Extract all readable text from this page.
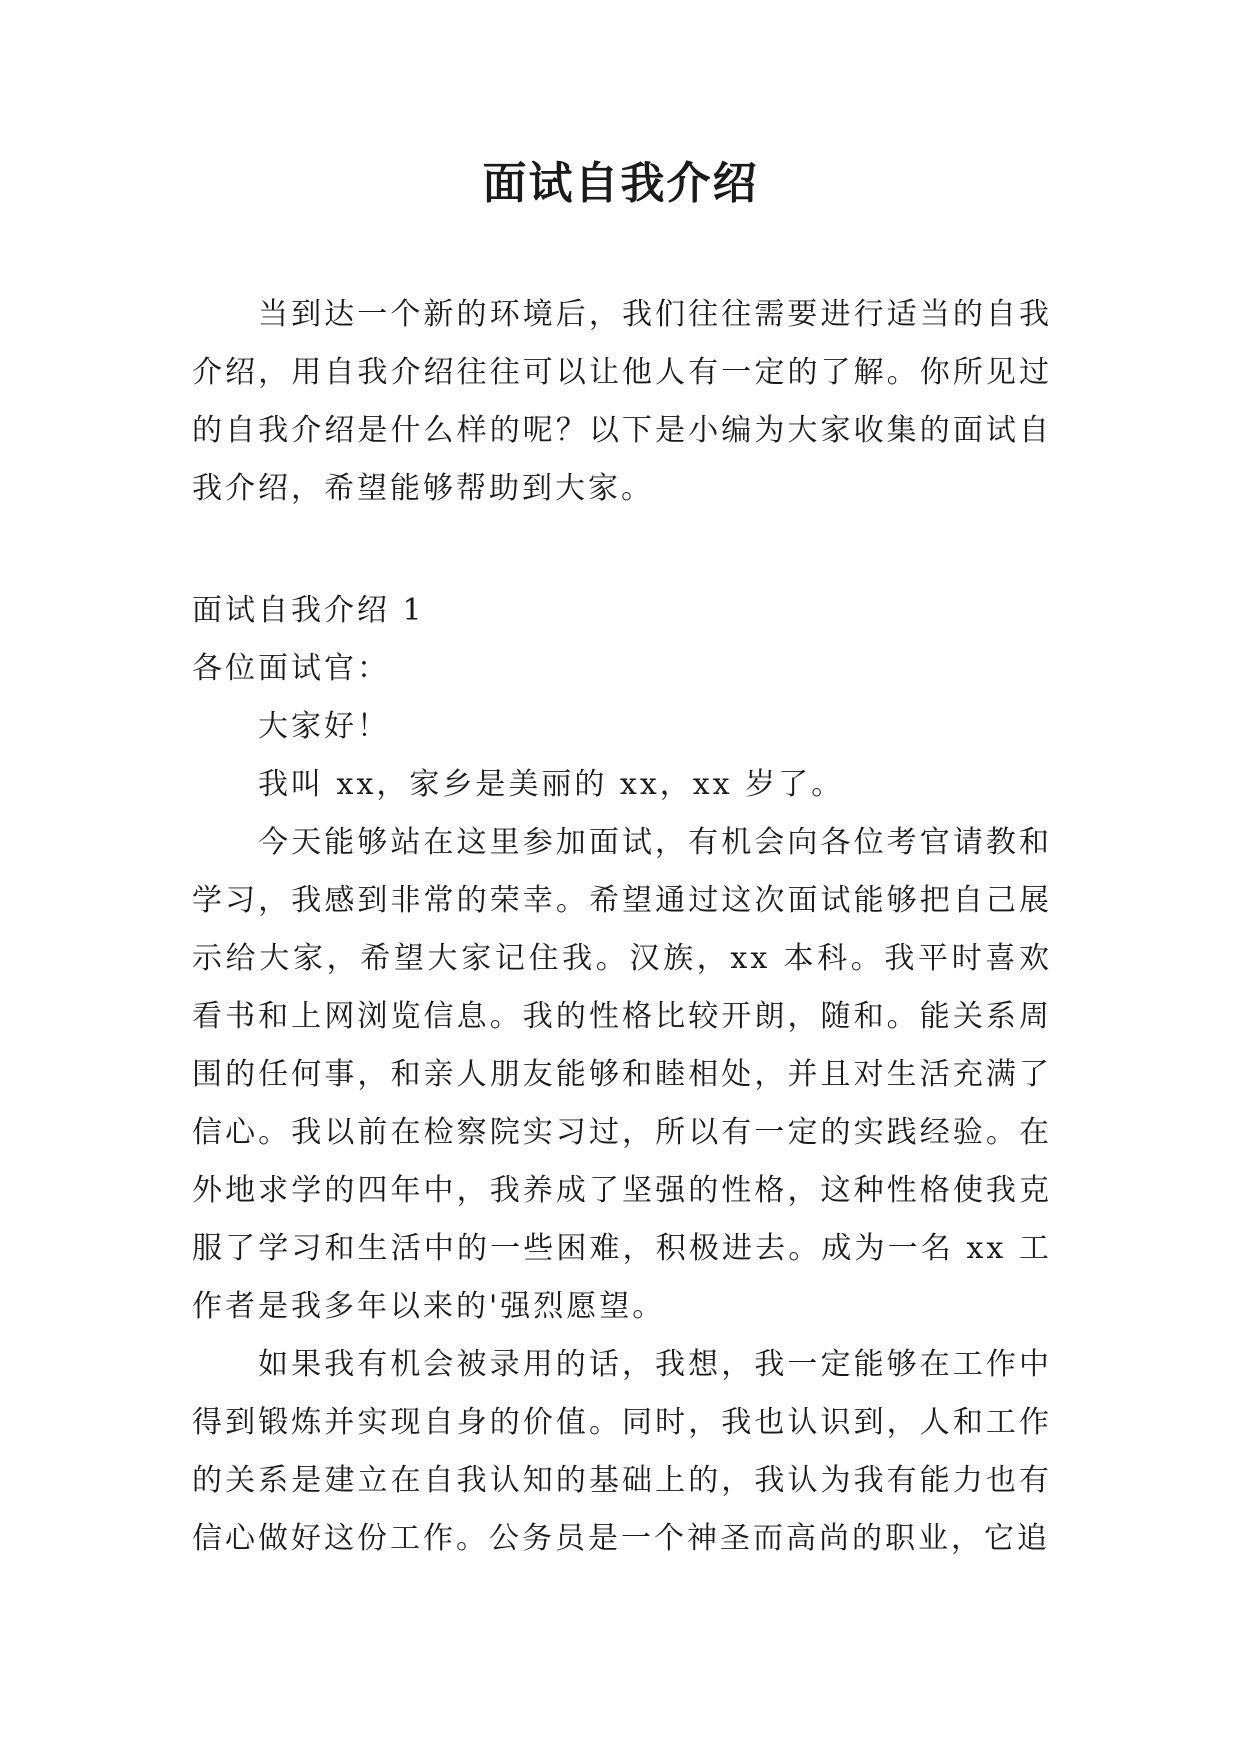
面试自我介绍

当到达一个新的环境后，我们往往需要进行适当的自我介绍，用自我介绍往往可以让他人有一定的了解。你所见过的自我介绍是什么样的呢？以下是小编为大家收集的面试自我介绍，希望能够帮助到大家。

面试自我介绍 1

各位面试官：

大家好！

我叫 xx，家乡是美丽的 xx，xx 岁了。

今天能够站在这里参加面试，有机会向各位考官请教和学习，我感到非常的荣幸。希望通过这次面试能够把自己展示给大家，希望大家记住我。汉族，xx 本科。我平时喜欢看书和上网浏览信息。我的性格比较开朗，随和。能关系周围的任何事，和亲人朋友能够和睦相处，并且对生活充满了信心。我以前在检察院实习过，所以有一定的实践经验。在外地求学的四年中，我养成了坚强的性格，这种性格使我克服了学习和生活中的一些困难，积极进去。成为一名 xx 工作者是我多年以来的'强烈愿望。

如果我有机会被录用的话，我想，我一定能够在工作中得到锻炼并实现自身的价值。同时，我也认识到，人和工作的关系是建立在自我认知的基础上的，我认为我有能力也有信心做好这份工作。公务员是一个神圣而高尚的职业，它追
